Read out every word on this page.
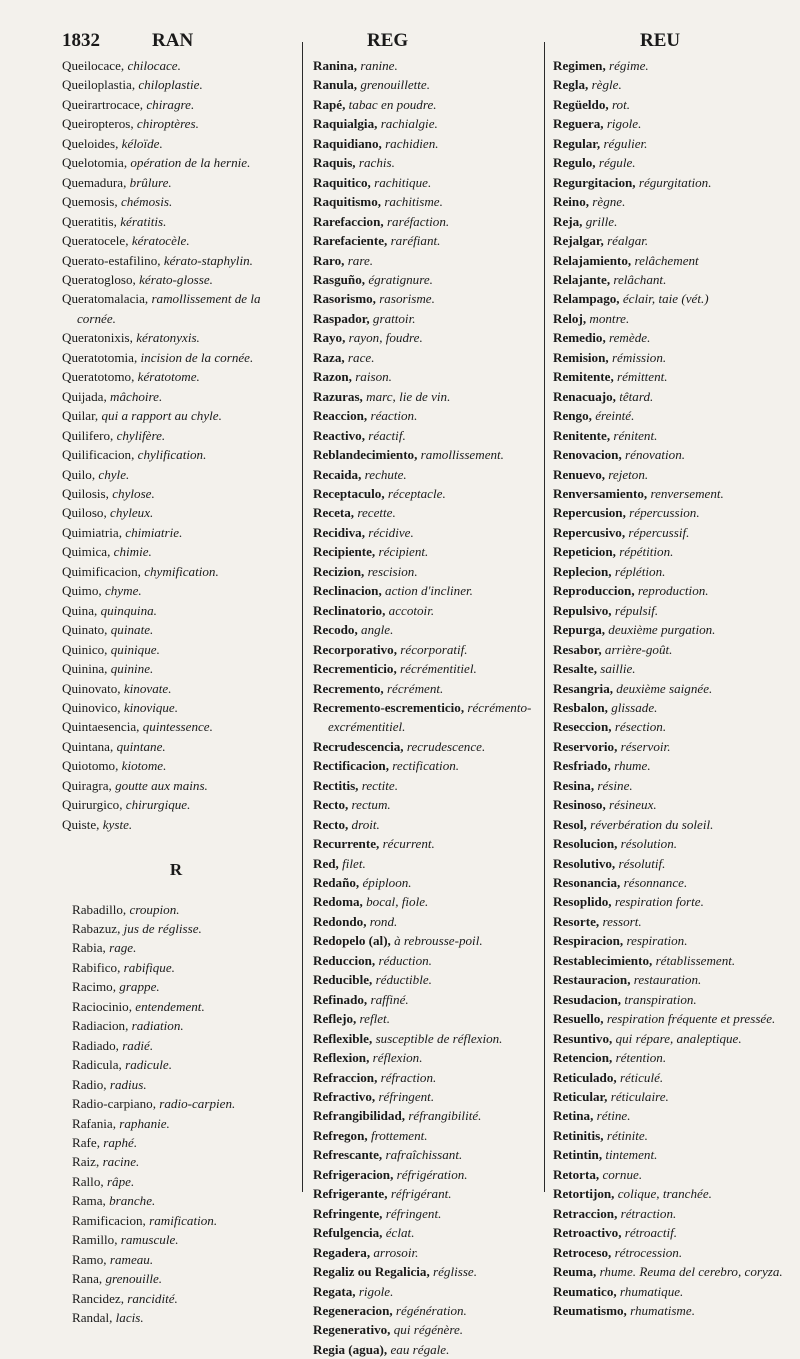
1832	RAN	REG	REU

Queilocace, chilocace.

Queiloplastia, chiloplastie.

Queirartrocace, chiragre.

Queiropteros, chiroptères.

Queloides, kéloïde.

Quelotomia, opération de la hernie.

Quemadura, brûlure.

Quemosis, chémosis.

Queratitis, kératitis.

Queratocele, kératocèle.

Querato-estafilino, kérato-staphylin.

Queratogloso, kérato-glosse.

Queratomalacia, ramollissement de la cornée.

Queratonixis, kératonyxis.

Queratotomia, incision de la cornée.

Queratotomo, kératotome.

Quijada, mâchoire.

Quilar, qui a rapport au chyle.

Quilifero, chylifère.

Quilificacion, chylification.

Quilo, chyle.

Quilosis, chylose.

Quiloso, chyleux.

Quimiatria, chimiatrie.

Quimica, chimie.

Quimificacion, chymification.

Quimo, chyme.

Quina, quinquina.

Quinato, quinate.

Quinico, quinique.

Quinina, quinine.

Quinovato, kinovate.

Quinovico, kinovique.

Quintaesencia, quintessence.

Quintana, quintane.

Quiotomo, kiotome.

Quiragra, goutte aux mains.

Quirurgico, chirurgique.

Quiste, kyste.

R

Rabadillo, croupion.

Rabazuz, jus de réglisse.

Rabia, rage.

Rabifico, rabifique.

Racimo, grappe.

Raciocinio, entendement.

Radiacion, radiation.

Radiado, radié.

Radicula, radicule.

Radio, radius.

Radio-carpiano, radio-carpien.

Rafania, raphanie.

Rafe, raphé.

Raiz, racine.

Rallo, râpe.

Rama, branche.

Ramificacion, ramification.

Ramillo, ramuscule.

Ramo, rameau.

Rana, grenouille.

Rancidez, rancidité.

Randal, lacis.

Ranina, ranine.

Ranula, grenouillette.

Rapé, tabac en poudre.

Raquialgia, rachialgie.

Raquidiano, rachidien.

Raquis, rachis.

Raquitico, rachitique.

Raquitismo, rachitisme.

Rarefaccion, raréfaction.

Rarefaciente, raréfiant.

Raro, rare.

Rasguño, égratignure.

Rasorismo, rasorisme.

Raspador, grattoir.

Rayo, rayon, foudre.

Raza, race.

Razon, raison.

Razuras, marc, lie de vin.

Reaccion, réaction.

Reactivo, réactif.

Reblandecimiento, ramollissement.

Recaida, rechute.

Receptaculo, réceptacle.

Receta, recette.

Recidiva, récidive.

Recipiente, récipient.

Recizion, rescision.

Reclinacion, action d'incliner.

Reclinatorio, accotoir.

Recodo, angle.

Recorporativo, récorporatif.

Recrementicio, récrémentitiel.

Recremento, récrément.

Recremento-escrementicio, récrémento-excrémentitiel.

Recrudescencia, recrudescence.

Rectificacion, rectification.

Rectitis, rectite.

Recto, rectum.

Recto, droit.

Recurrente, récurrent.

Red, filet.

Redaño, épiploon.

Redoma, bocal, fiole.

Redondo, rond.

Redopelo (al), à rebrousse-poil.

Reduccion, réduction.

Reducible, réductible.

Refinado, raffiné.

Reflejo, reflet.

Reflexible, susceptible de réflexion.

Reflexion, réflexion.

Refraccion, réfraction.

Refractivo, réfringent.

Refrangibilidad, réfrangibilité.

Refregon, frottement.

Refrescante, rafraîchissant.

Refrigeracion, réfrigération.

Refrigerante, réfrigérant.

Refringente, réfringent.

Refulgencia, éclat.

Regadera, arrosoir.

Regaliz ou Regalicia, réglisse.

Regata, rigole.

Regeneracion, régénération.

Regenerativo, qui régénère.

Regia (agua), eau régale.

Regimen, régime.

Regla, règle.

Regüeldo, rot.

Reguera, rigole.

Regular, régulier.

Regulo, régule.

Regurgitacion, régurgitation.

Reino, règne.

Reja, grille.

Rejalgar, réalgar.

Relajamiento, relâchement

Relajante, relâchant.

Relampago, éclair, taie (vét.)

Reloj, montre.

Remedio, remède.

Remision, rémission.

Remitente, rémittent.

Renacuajo, têtard.

Rengo, éreinté.

Renitente, rénitent.

Renovacion, rénovation.

Renuevo, rejeton.

Renversamiento, renversement.

Repercusion, répercussion.

Repercusivo, répercussif.

Repeticion, répétition.

Replecion, réplétion.

Reproduccion, reproduction.

Repulsivo, répulsif.

Repurga, deuxième purgation.

Resabor, arrière-goût.

Resalte, saillie.

Resangria, deuxième saignée.

Resbalon, glissade.

Reseccion, résection.

Reservorio, réservoir.

Resfriado, rhume.

Resina, résine.

Resinoso, résineux.

Resol, réverbération du soleil.

Resolucion, résolution.

Resolutivo, résolutif.

Resonancia, résonnance.

Resoplido, respiration forte.

Resorte, ressort.

Respiracion, respiration.

Restablecimiento, rétablissement.

Restauracion, restauration.

Resudacion, transpiration.

Resuello, respiration fréquente et pressée.

Resuntivo, qui répare, analeptique.

Retencion, rétention.

Reticulado, réticulé.

Reticular, réticulaire.

Retina, rétine.

Retinitis, rétinite.

Retintin, tintement.

Retorta, cornue.

Retortijon, colique, tranchée.

Retraccion, rétraction.

Retroactivo, rétroactif.

Retroceso, rétrocession.

Reuma, rhume. Reuma del cerebro, coryza.

Reumatico, rhumatique.

Reumatismo, rhumatisme.
